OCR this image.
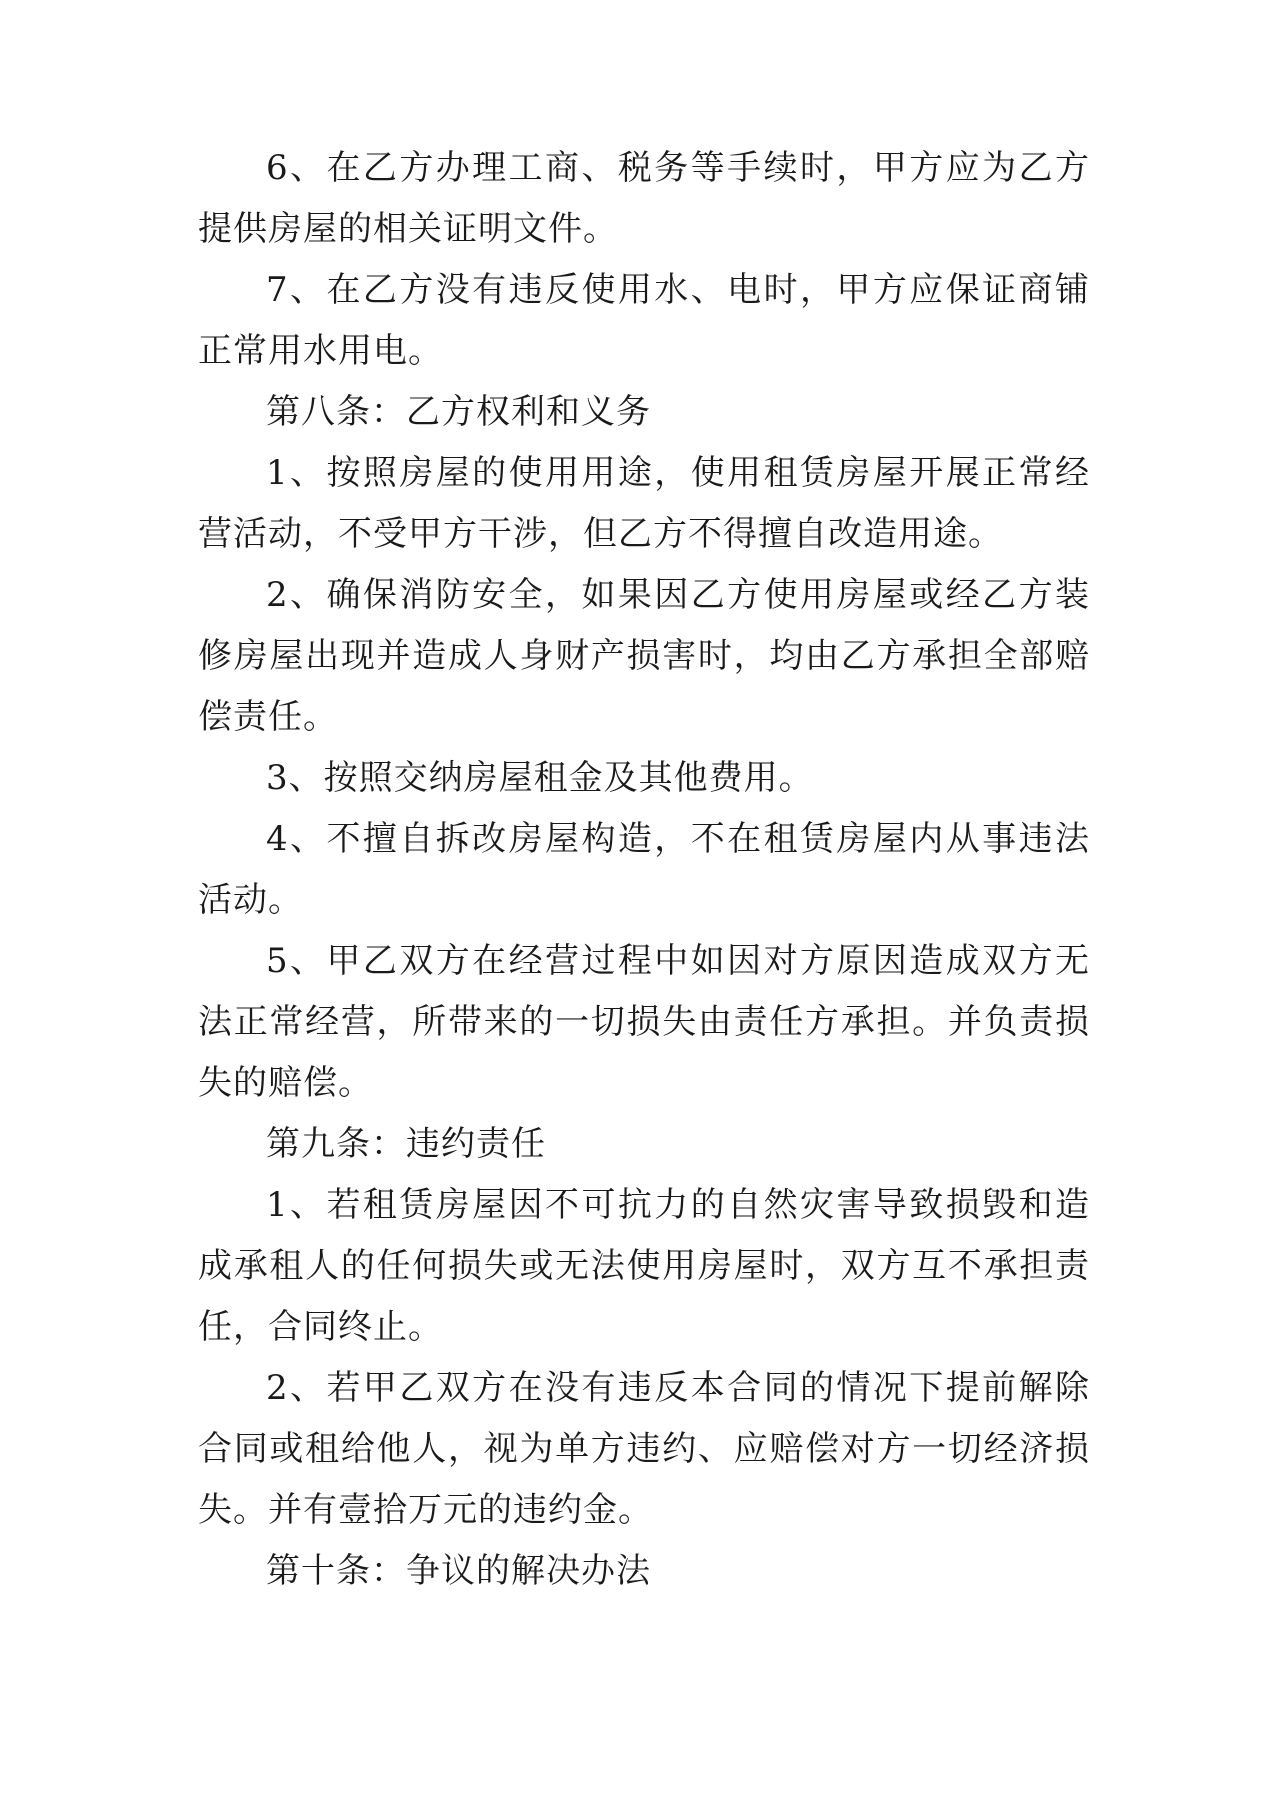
6、在乙方办理工商、税务等手续时，甲方应为乙方提供房屋的相关证明文件。

7、在乙方没有违反使用水、电时，甲方应保证商铺正常用水用电。

第八条：乙方权利和义务

1、按照房屋的使用用途，使用租赁房屋开展正常经营活动，不受甲方干涉，但乙方不得擅自改造用途。

2、确保消防安全，如果因乙方使用房屋或经乙方装修房屋出现并造成人身财产损害时，均由乙方承担全部赔偿责任。

3、按照交纳房屋租金及其他费用。

4、不擅自拆改房屋构造，不在租赁房屋内从事违法活动。

5、甲乙双方在经营过程中如因对方原因造成双方无法正常经营，所带来的一切损失由责任方承担。并负责损失的赔偿。

第九条：违约责任

1、若租赁房屋因不可抗力的自然灾害导致损毁和造成承租人的任何损失或无法使用房屋时，双方互不承担责任，合同终止。

2、若甲乙双方在没有违反本合同的情况下提前解除合同或租给他人，视为单方违约、应赔偿对方一切经济损失。并有壹拾万元的违约金。

第十条：争议的解决办法
